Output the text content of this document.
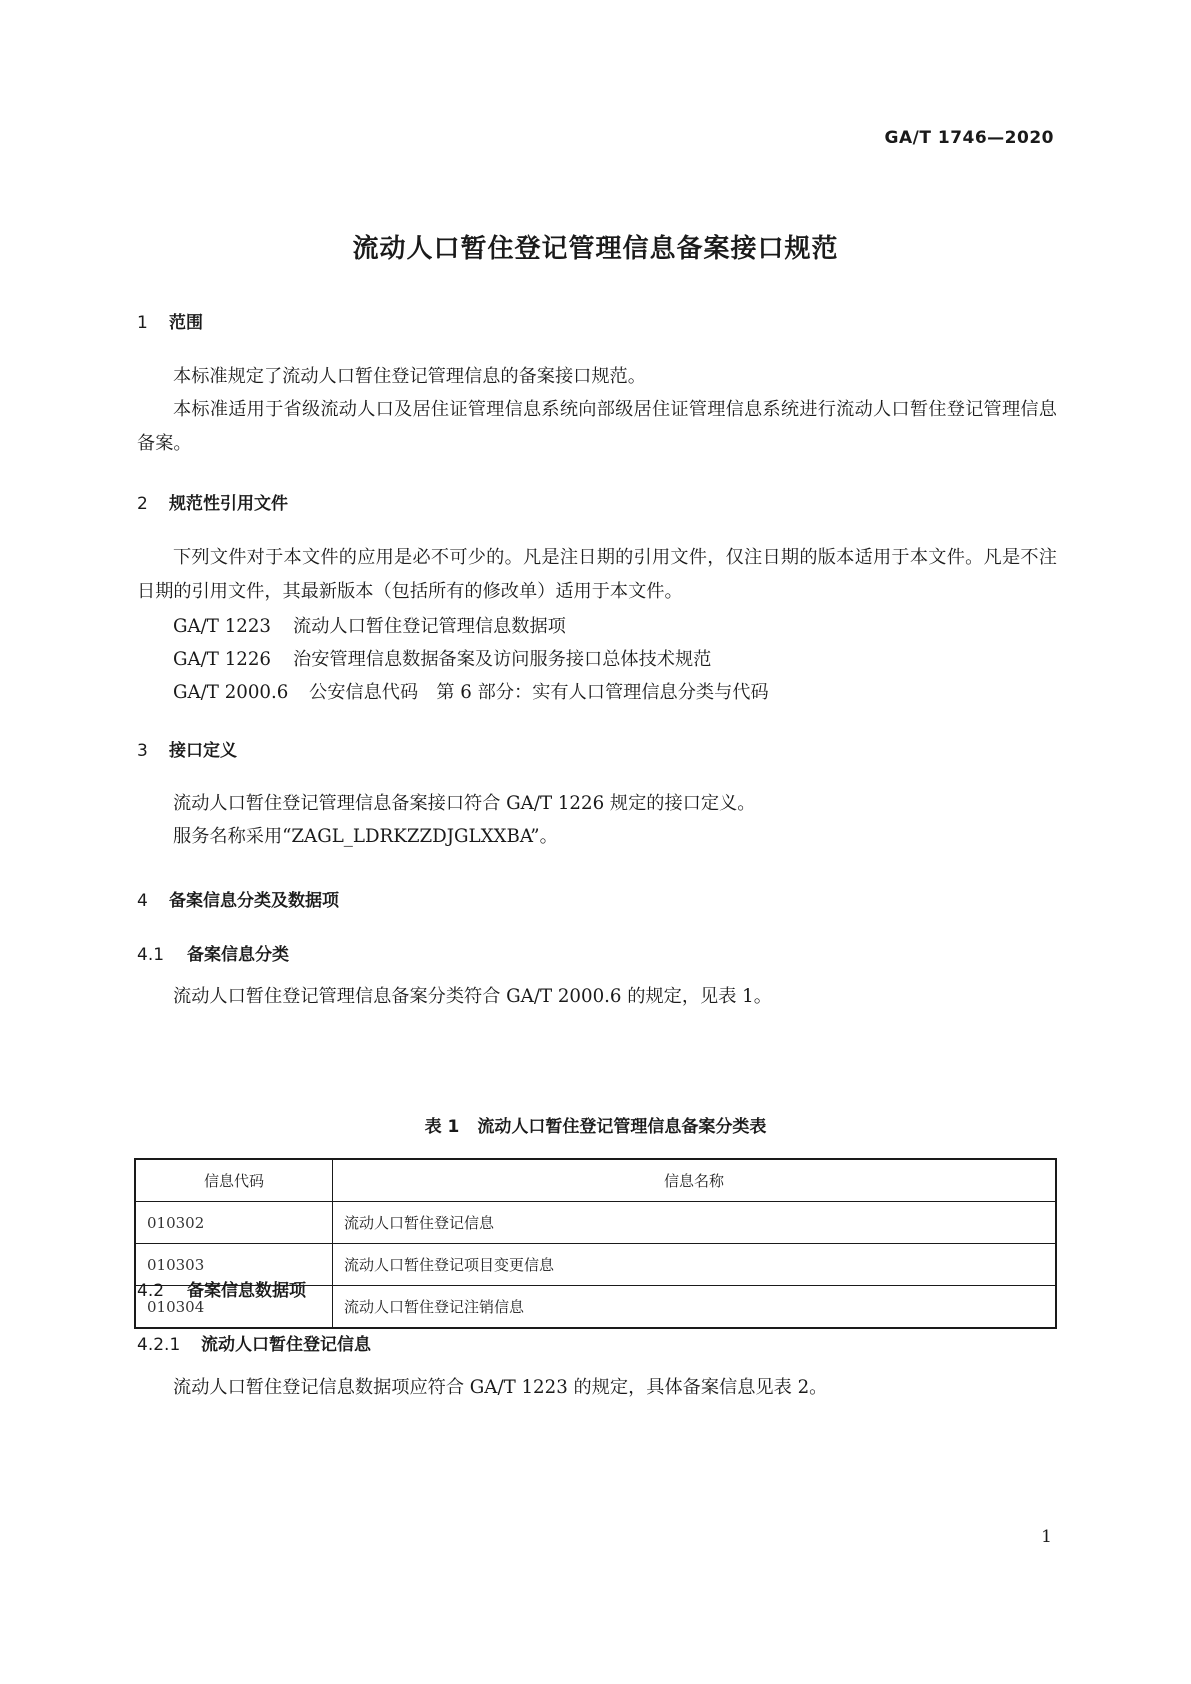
GA/T 1746—2020
流动人口暂住登记管理信息备案接口规范
1 范围
本标准规定了流动人口暂住登记管理信息的备案接口规范。
本标准适用于省级流动人口及居住证管理信息系统向部级居住证管理信息系统进行流动人口暂住登记管理信息备案。
2 规范性引用文件
下列文件对于本文件的应用是必不可少的。凡是注日期的引用文件，仅注日期的版本适用于本文件。凡是不注日期的引用文件，其最新版本（包括所有的修改单）适用于本文件。
GA/T 1223 流动人口暂住登记管理信息数据项
GA/T 1226 治安管理信息数据备案及访问服务接口总体技术规范
GA/T 2000.6 公安信息代码　第 6 部分：实有人口管理信息分类与代码
3 接口定义
流动人口暂住登记管理信息备案接口符合 GA/T 1226 规定的接口定义。
服务名称采用“ZAGL_LDRKZZDJGLXXBA”。
4 备案信息分类及数据项
4.1 备案信息分类
流动人口暂住登记管理信息备案分类符合 GA/T 2000.6 的规定，见表 1。
表 1 流动人口暂住登记管理信息备案分类表
信息代码	信息名称
010302	流动人口暂住登记信息
010303	流动人口暂住登记项目变更信息
010304	流动人口暂住登记注销信息
4.2 备案信息数据项
4.2.1 流动人口暂住登记信息
流动人口暂住登记信息数据项应符合 GA/T 1223 的规定，具体备案信息见表 2。
1
